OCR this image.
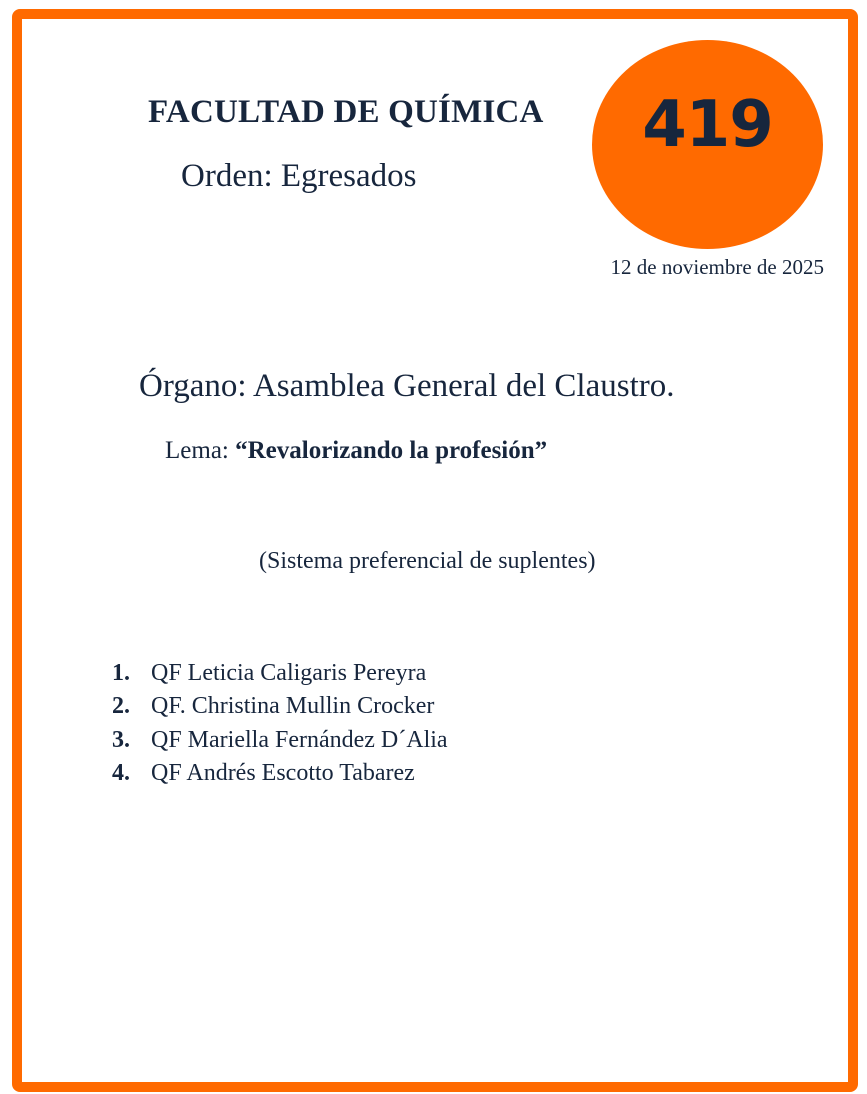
FACULTAD DE QUÍMICA
Orden: Egresados
419
12 de noviembre de 2025
Órgano: Asamblea General del Claustro.
Lema: “Revalorizando la profesión”
(Sistema preferencial de suplentes)
1. QF Leticia Caligaris Pereyra
2. QF. Christina Mullin Crocker
3. QF Mariella Fernández D´Alia
4. QF Andrés Escotto Tabarez
